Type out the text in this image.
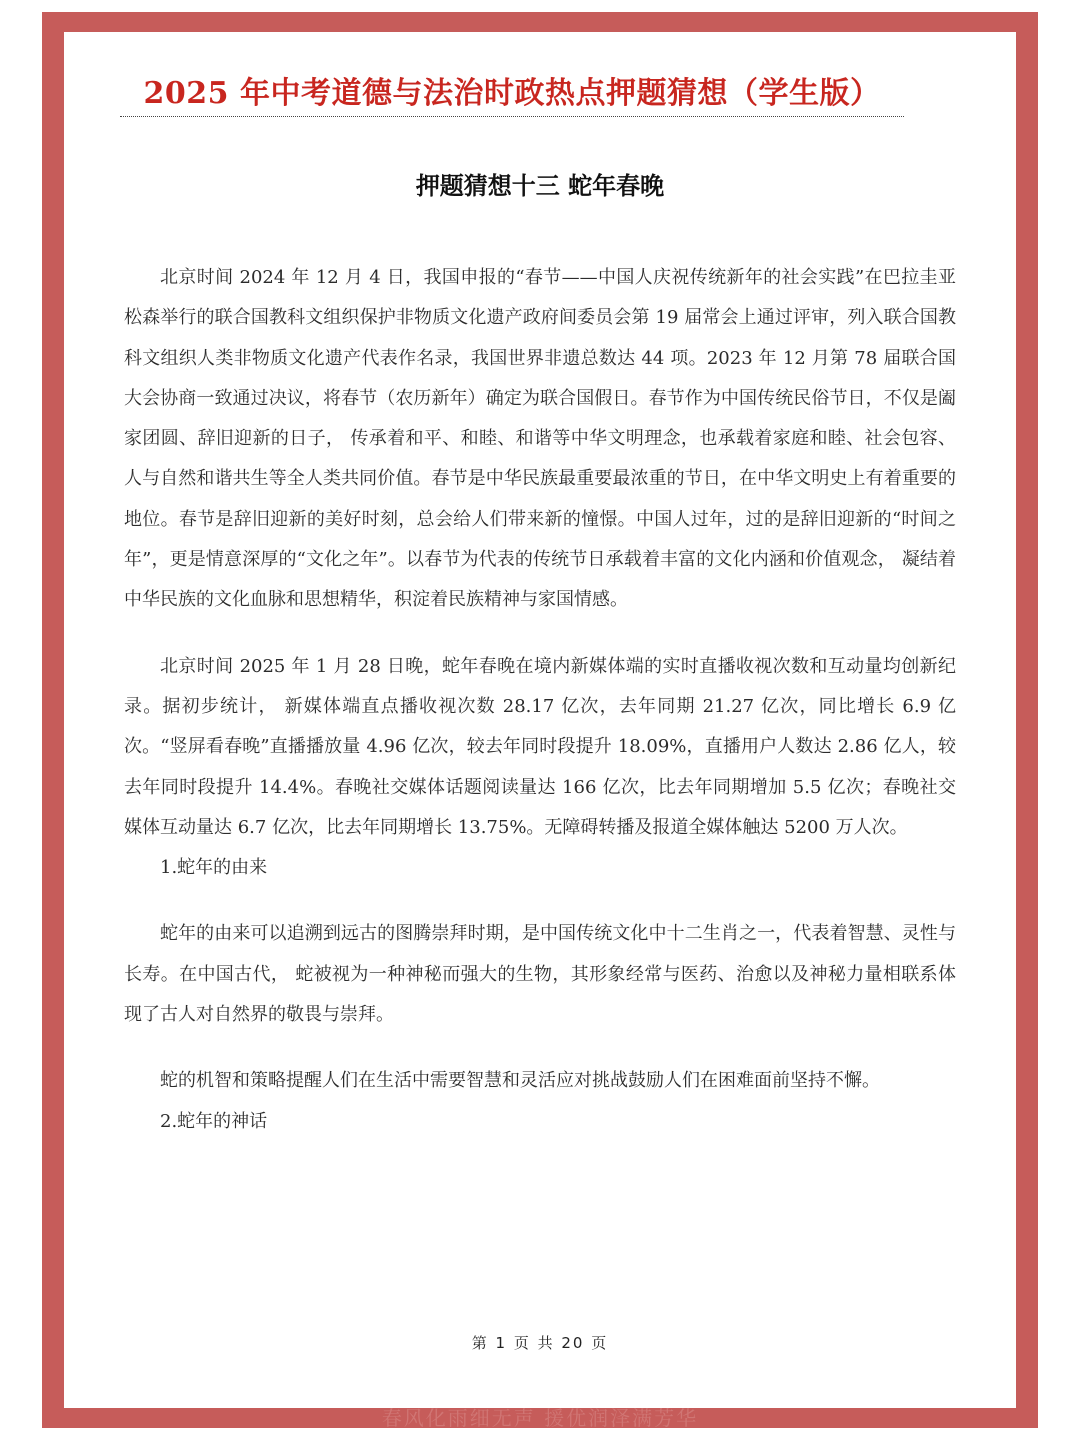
2025 年中考道德与法治时政热点押题猜想（学生版）
押题猜想十三 蛇年春晚

北京时间 2024 年 12 月 4 日，我国申报的“春节——中国人庆祝传统新年的社会实践”在巴拉圭亚松森举行的联合国教科文组织保护非物质文化遗产政府间委员会第 19 届常会上通过评审，列入联合国教科文组织人类非物质文化遗产代表作名录，我国世界非遗总数达 44 项。2023 年 12 月第 78 届联合国大会协商一致通过决议，将春节（农历新年）确定为联合国假日。春节作为中国传统民俗节日，不仅是阖家团圆、辞旧迎新的日子， 传承着和平、和睦、和谐等中华文明理念，也承载着家庭和睦、社会包容、人与自然和谐共生等全人类共同价值。春节是中华民族最重要最浓重的节日，在中华文明史上有着重要的地位。春节是辞旧迎新的美好时刻，总会给人们带来新的憧憬。中国人过年，过的是辞旧迎新的“时间之年”，更是情意深厚的“文化之年”。以春节为代表的传统节日承载着丰富的文化内涵和价值观念， 凝结着中华民族的文化血脉和思想精华，积淀着民族精神与家国情感。

北京时间 2025 年 1 月 28 日晚，蛇年春晚在境内新媒体端的实时直播收视次数和互动量均创新纪录。据初步统计， 新媒体端直点播收视次数 28.17 亿次，去年同期 21.27 亿次，同比增长 6.9 亿次。“竖屏看春晚”直播播放量 4.96 亿次，较去年同时段提升 18.09%，直播用户人数达 2.86 亿人，较去年同时段提升 14.4%。春晚社交媒体话题阅读量达 166 亿次，比去年同期增加 5.5 亿次；春晚社交媒体互动量达 6.7 亿次，比去年同期增长 13.75%。无障碍转播及报道全媒体触达 5200 万人次。

1.蛇年的由来

蛇年的由来可以追溯到远古的图腾崇拜时期，是中国传统文化中十二生肖之一，代表着智慧、灵性与长寿。在中国古代， 蛇被视为一种神秘而强大的生物，其形象经常与医药、治愈以及神秘力量相联系体现了古人对自然界的敬畏与崇拜。

蛇的机智和策略提醒人们在生活中需要智慧和灵活应对挑战鼓励人们在困难面前坚持不懈。

2.蛇年的神话

第 1 页 共 20 页
春风化雨细无声 援优润泽满芳华
